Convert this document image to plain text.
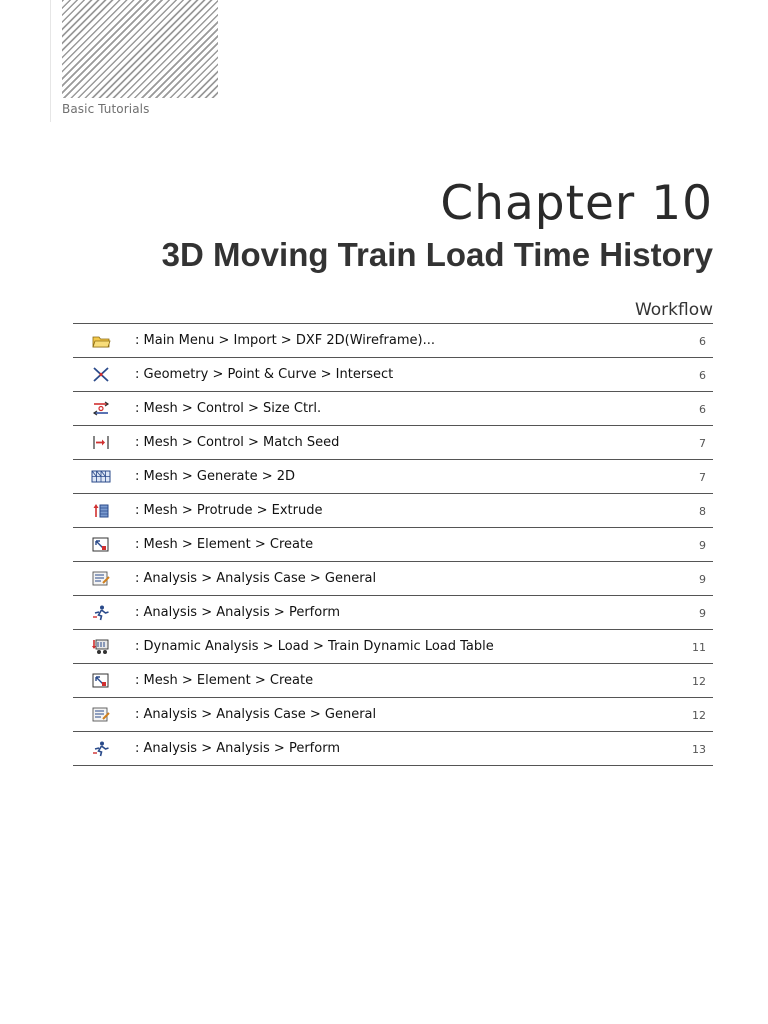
Basic Tutorials
Chapter 10
3D Moving Train Load Time History
Workflow
: Main Menu > Import > DXF 2D(Wireframe)...	6
: Geometry > Point & Curve > Intersect	6
: Mesh > Control > Size Ctrl.	6
: Mesh > Control > Match Seed	7
: Mesh > Generate > 2D	7
: Mesh > Protrude > Extrude	8
: Mesh > Element > Create	9
: Analysis > Analysis Case > General	9
: Analysis > Analysis > Perform	9
: Dynamic Analysis > Load > Train Dynamic Load Table	11
: Mesh > Element > Create	12
: Analysis > Analysis Case > General	12
: Analysis > Analysis > Perform	13
